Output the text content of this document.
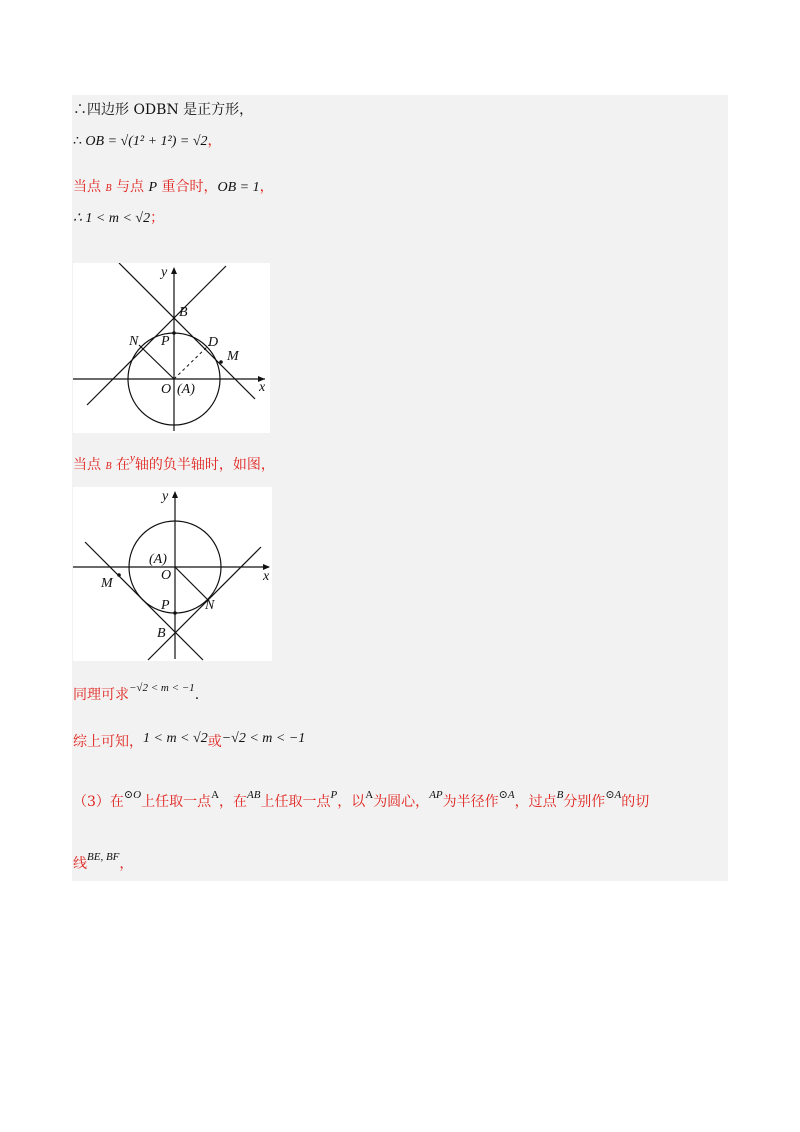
∴四边形 ODBN 是正方形，
∴ OB = √(1² + 1²) = √2，
当点 B 与点 P 重合时，OB = 1，
∴ 1 < m < √2；
y
x
B
N P	D
M
O (A)
当点 B 在$^y$轴的负半轴时，如图，
y
x
(A)
O
M
P	N
B
同理可求$^{-√2 < m < -1}$.
综上可知，1 < m < √2或−√2 < m < −1
（3）在$^{⊙O}$上任取一点$^A$，在$^{AB}$上任取一点$^P$，以$^A$为圆心，$^{AP}$为半径作$^{⊙A}$，过点$^B$分别作$^{⊙A}$的切
线$^{BE, BF}$，
